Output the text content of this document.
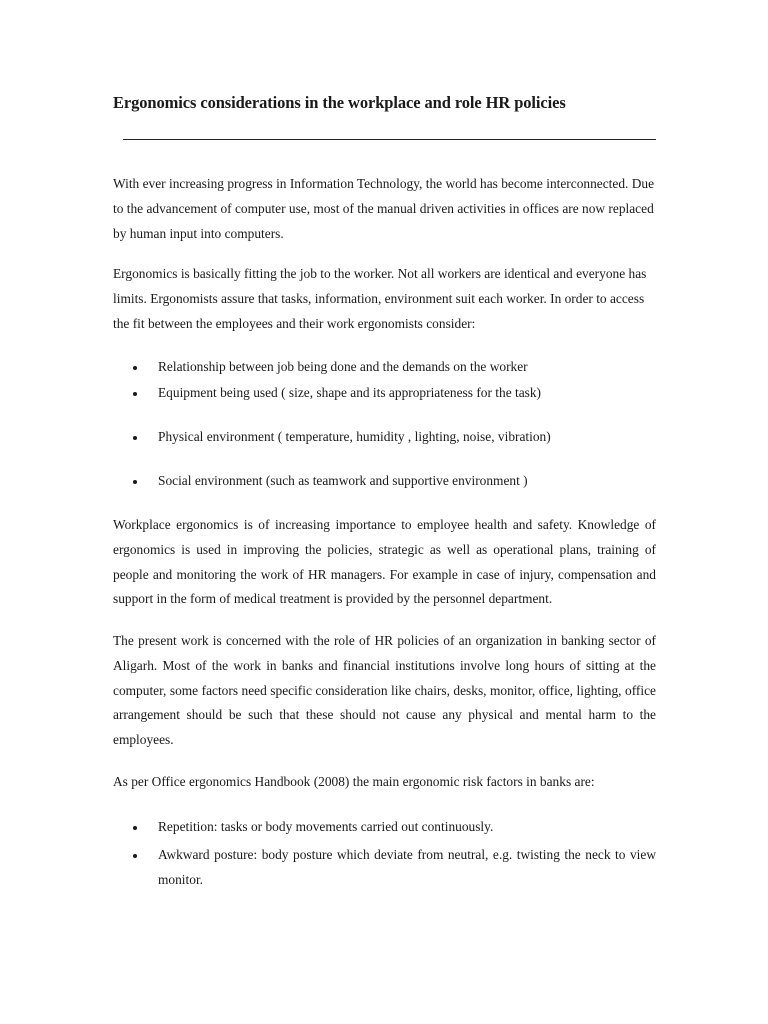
Ergonomics considerations in the workplace and role HR policies

With ever increasing progress in Information Technology, the world has become interconnected. Due to the advancement of computer use, most of the manual driven activities in offices are now replaced by human input into computers.

Ergonomics is basically fitting the job to the worker. Not all workers are identical and everyone has limits. Ergonomists assure that tasks, information, environment suit each worker. In order to access the fit between the employees and their work ergonomists consider:

Relationship between job being done and the demands on the worker
Equipment being used ( size, shape and its appropriateness for the task)
Physical environment ( temperature, humidity , lighting, noise, vibration)
Social environment (such as teamwork and supportive environment )

Workplace ergonomics is of increasing importance to employee health and safety. Knowledge of ergonomics is used in improving the policies, strategic as well as operational plans, training of people and monitoring the work of HR managers. For example in case of injury, compensation and support in the form of medical treatment is provided by the personnel department.

The present work is concerned with the role of HR policies of an organization in banking sector of Aligarh. Most of the work in banks and financial institutions involve long hours of sitting at the computer, some factors need specific consideration like chairs, desks, monitor, office, lighting, office arrangement should be such that these should not cause any physical and mental harm to the employees.

As per Office ergonomics Handbook (2008) the main ergonomic risk factors in banks are:

Repetition: tasks or body movements carried out continuously.
Awkward posture: body posture which deviate from neutral, e.g. twisting the neck to view monitor.
